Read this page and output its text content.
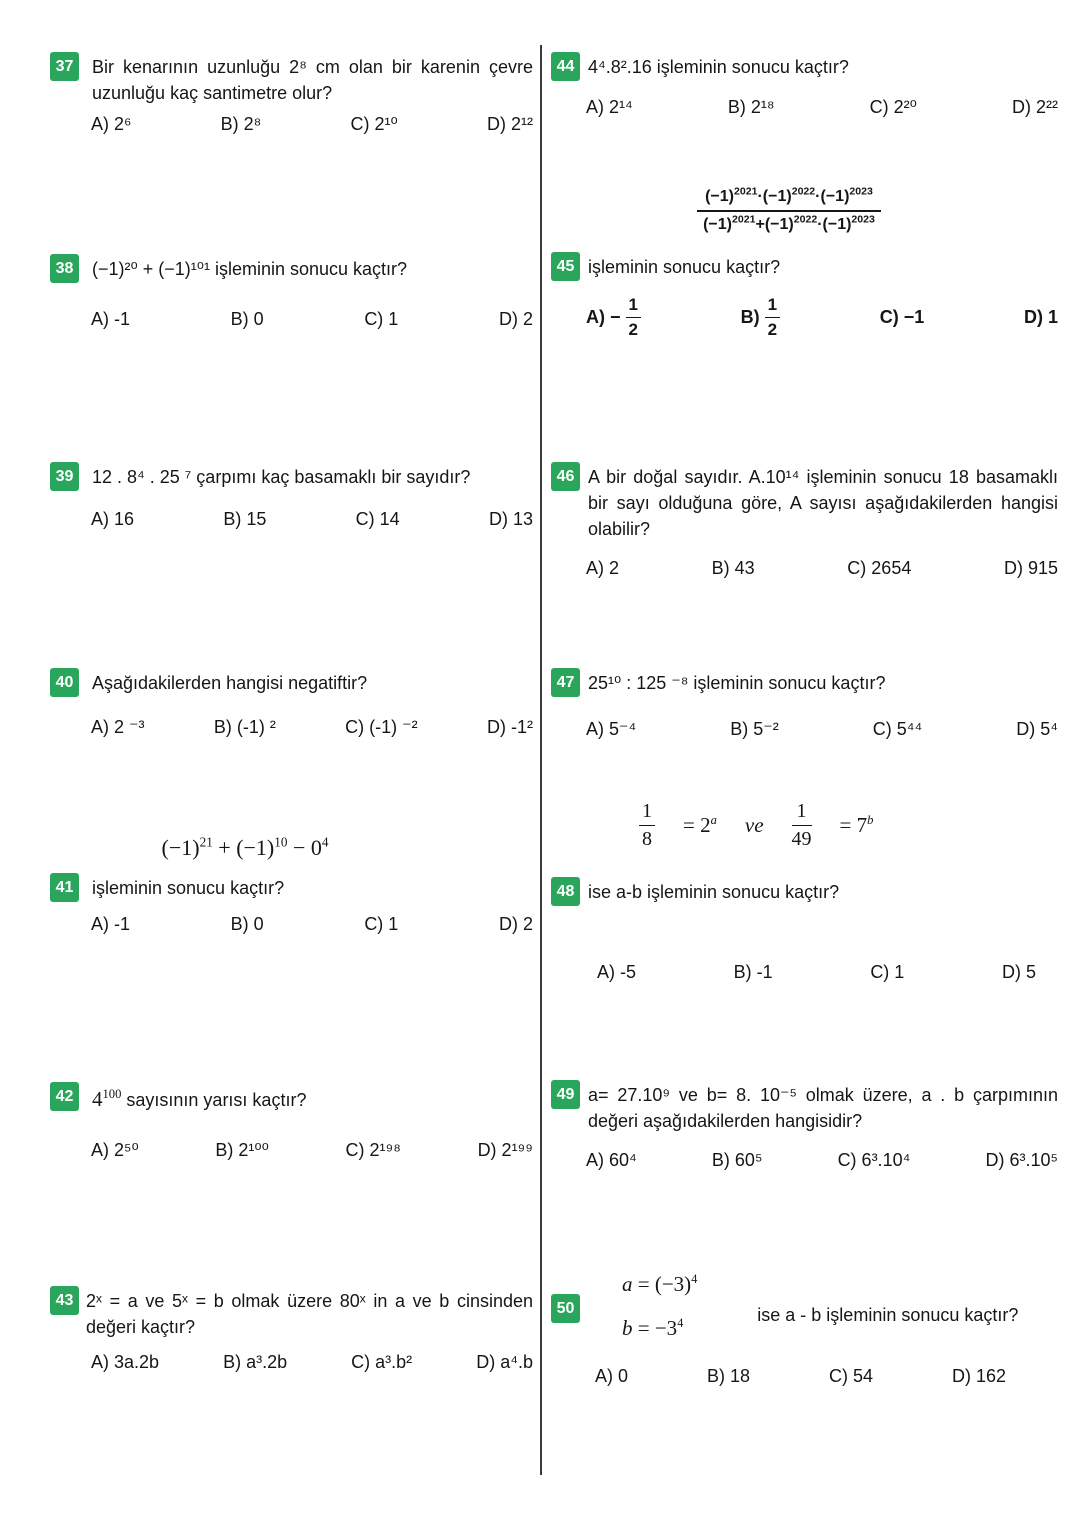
37	Bir kenarının uzunluğu 2⁸ cm olan bir karenin çevre uzunluğu kaç santimetre olur?
A) 2⁶	B) 2⁸	C) 2¹⁰	D) 2¹²
38	(−1)²⁰ + (−1)¹⁰¹ işleminin sonucu kaçtır?
A) -1	B) 0	C) 1	D) 2
39	12 . 8⁴ . 25 ⁷ çarpımı kaç basamaklı bir sayıdır?
A) 16	B) 15	C) 14	D) 13
40	Aşağıdakilerden hangisi negatiftir?
A) 2 ⁻³	B) (-1) ²	C) (-1) ⁻²	D) -1²
$(-1)^{21} + (-1)^{10} - 0^4$
41	işleminin sonucu kaçtır?
A) -1	B) 0	C) 1	D) 2
42 $4^{100}$ sayısının yarısı kaçtır?
A) 2⁵⁰	B) 2¹⁰⁰	C) 2¹⁹⁸	D) 2¹⁹⁹
43 2ˣ = a ve 5ˣ = b olmak üzere 80ˣ in a ve b cinsinden değeri kaçtır?
A) 3a.2b	B) a³.2b	C) a³.b²	D) a⁴.b
44 4⁴.8².16 işleminin sonucu kaçtır?
A) 2¹⁴	B) 2¹⁸	C) 2²⁰	D) 2²²
$\frac{(-1)^{2021}\cdot(-1)^{2022}\cdot(-1)^{2023}}{(-1)^{2021}+(-1)^{2022}\cdot(-1)^{2023}}$
45 işleminin sonucu kaçtır?
$A) - \frac{1}{2}$	$B) \frac{1}{2}$	C) −1	D) 1
46 A bir doğal sayıdır. A.10¹⁴ işleminin sonucu 18 basamaklı bir sayı olduğuna göre, A sayısı aşağıdakilerden hangisi olabilir?
A) 2	B) 43	C) 2654	D) 915
47 25¹⁰ : 125 ⁻⁸ işleminin sonucu kaçtır?
A) 5⁻⁴	B) 5⁻²	C) 5⁴⁴	D) 5⁴
$\frac{1}{8} = 2^a$ ve $\frac{1}{49} = 7^b$
48 ise a-b işleminin sonucu kaçtır?
A) -5	B) -1	C) 1	D) 5
49 a= 27.10⁹ ve b= 8. 10⁻⁵ olmak üzere, a . b çarpımının değeri aşağıdakilerden hangisidir?
A) 60⁴	B) 60⁵	C) 6³.10⁴	D) 6³.10⁵
50
$a = (-3)^4$
$b = -3^4$	ise a - b işleminin sonucu kaçtır?
A) 0	B) 18	C) 54	D) 162
